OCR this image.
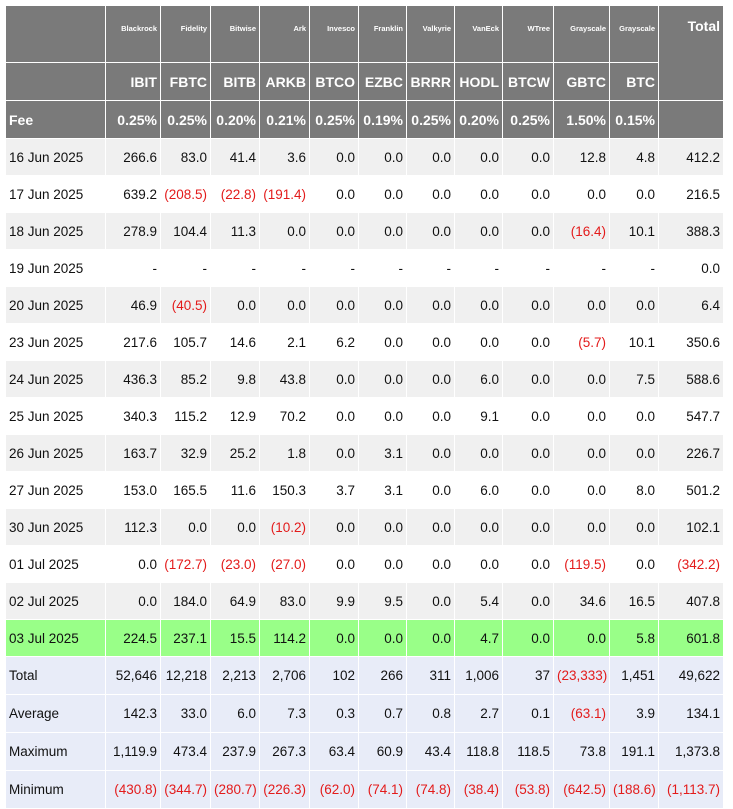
	Blackrock	Fidelity	Bitwise	Ark	Invesco	Franklin	Valkyrie	VanEck	WTree	Grayscale	Grayscale	Total
	IBIT	FBTC	BITB	ARKB	BTCO	EZBC	BRRR	HODL	BTCW	GBTC	BTC	
Fee	0.25%	0.25%	0.20%	0.21%	0.25%	0.19%	0.25%	0.20%	0.25%	1.50%	0.15%	
16 Jun 2025	266.6	83.0	41.4	3.6	0.0	0.0	0.0	0.0	0.0	12.8	4.8	412.2
17 Jun 2025	639.2	(208.5)	(22.8)	(191.4)	0.0	0.0	0.0	0.0	0.0	0.0	0.0	216.5
18 Jun 2025	278.9	104.4	11.3	0.0	0.0	0.0	0.0	0.0	0.0	(16.4)	10.1	388.3
19 Jun 2025	-	-	-	-	-	-	-	-	-	-	-	0.0
20 Jun 2025	46.9	(40.5)	0.0	0.0	0.0	0.0	0.0	0.0	0.0	0.0	0.0	6.4
23 Jun 2025	217.6	105.7	14.6	2.1	6.2	0.0	0.0	0.0	0.0	(5.7)	10.1	350.6
24 Jun 2025	436.3	85.2	9.8	43.8	0.0	0.0	0.0	6.0	0.0	0.0	7.5	588.6
25 Jun 2025	340.3	115.2	12.9	70.2	0.0	0.0	0.0	9.1	0.0	0.0	0.0	547.7
26 Jun 2025	163.7	32.9	25.2	1.8	0.0	3.1	0.0	0.0	0.0	0.0	0.0	226.7
27 Jun 2025	153.0	165.5	11.6	150.3	3.7	3.1	0.0	6.0	0.0	0.0	8.0	501.2
30 Jun 2025	112.3	0.0	0.0	(10.2)	0.0	0.0	0.0	0.0	0.0	0.0	0.0	102.1
01 Jul 2025	0.0	(172.7)	(23.0)	(27.0)	0.0	0.0	0.0	0.0	0.0	(119.5)	0.0	(342.2)
02 Jul 2025	0.0	184.0	64.9	83.0	9.9	9.5	0.0	5.4	0.0	34.6	16.5	407.8
03 Jul 2025	224.5	237.1	15.5	114.2	0.0	0.0	0.0	4.7	0.0	0.0	5.8	601.8
Total	52,646	12,218	2,213	2,706	102	266	311	1,006	37	(23,333)	1,451	49,622
Average	142.3	33.0	6.0	7.3	0.3	0.7	0.8	2.7	0.1	(63.1)	3.9	134.1
Maximum	1,119.9	473.4	237.9	267.3	63.4	60.9	43.4	118.8	118.5	73.8	191.1	1,373.8
Minimum	(430.8)	(344.7)	(280.7)	(226.3)	(62.0)	(74.1)	(74.8)	(38.4)	(53.8)	(642.5)	(188.6)	(1,113.7)
